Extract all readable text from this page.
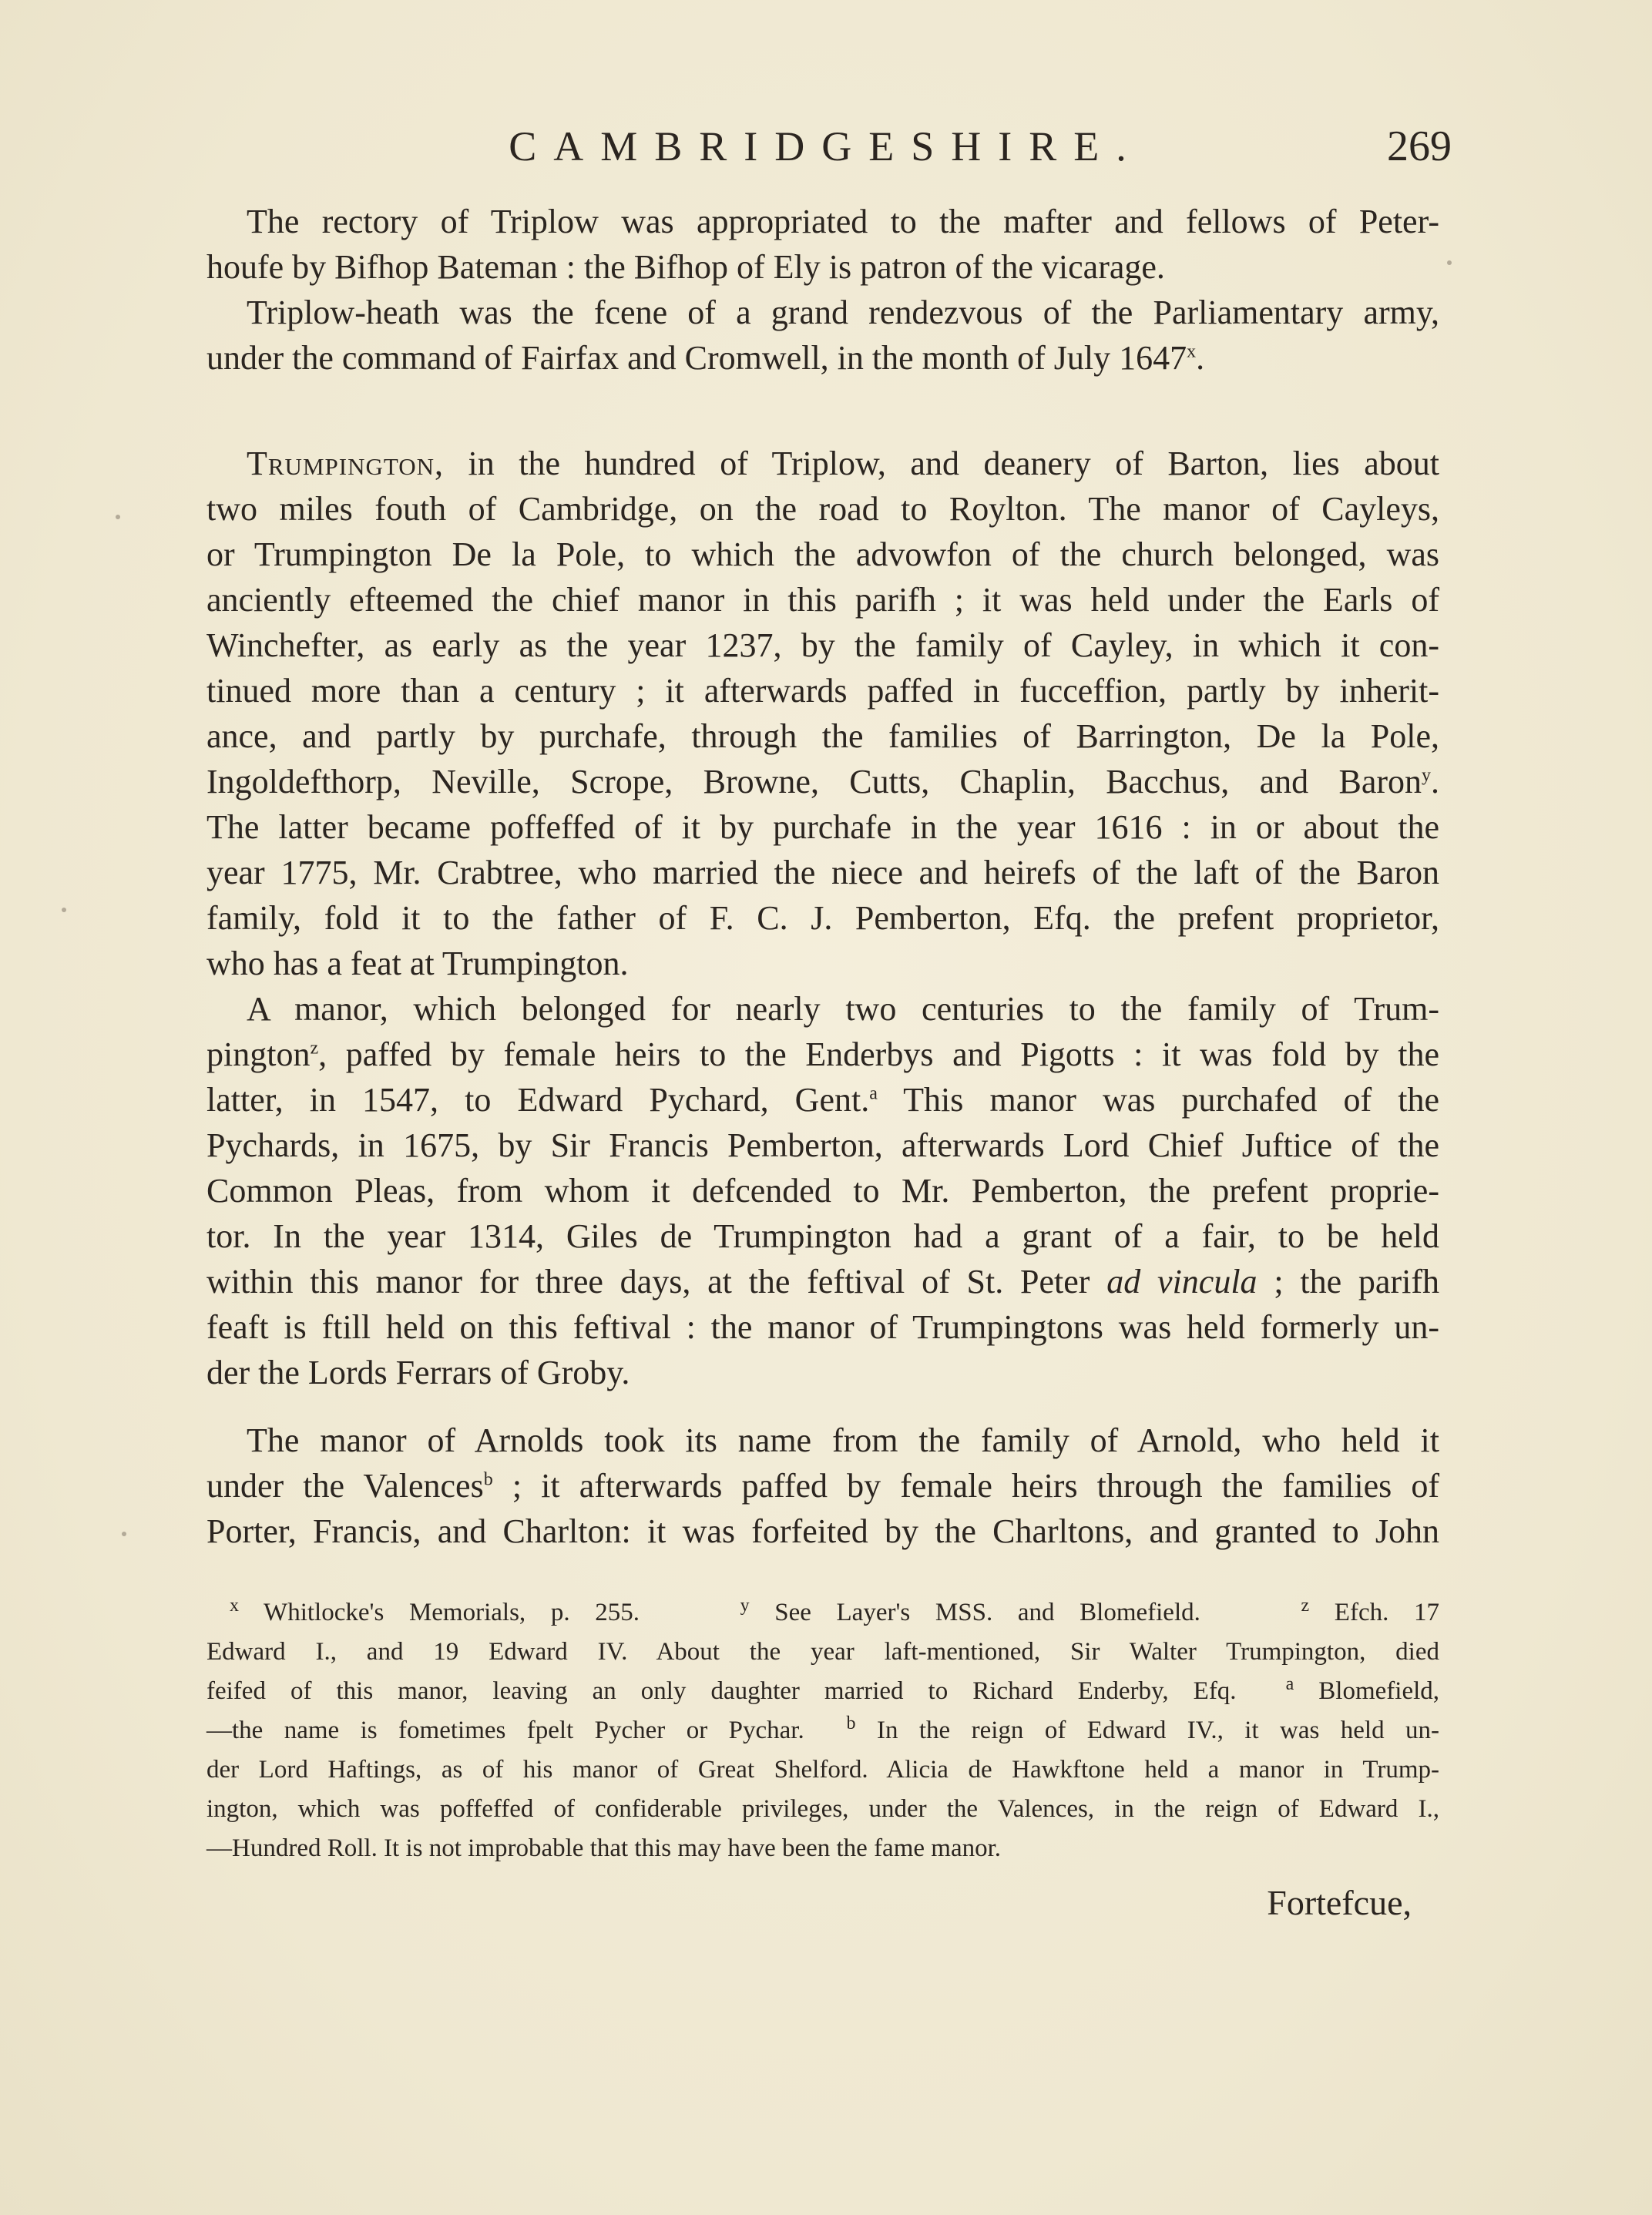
CAMBRIDGESHIRE.	269
The rectory of Triplow was appropriated to the mafter and fellows of Peter-
houfe by Bifhop Bateman : the Bifhop of Ely is patron of the vicarage.
Triplow-heath was the fcene of a grand rendezvous of the Parliamentary army,
under the command of Fairfax and Cromwell, in the month of July 1647$^x$.
Trumpington, in the hundred of Triplow, and deanery of Barton, lies about
two miles fouth of Cambridge, on the road to Roylton. The manor of Cayleys,
or Trumpington De la Pole, to which the advowfon of the church belonged, was
anciently efteemed the chief manor in this parifh ; it was held under the Earls of
Winchefter, as early as the year 1237, by the family of Cayley, in which it con-
tinued more than a century ; it afterwards paffed in fucceffion, partly by inherit-
ance, and partly by purchafe, through the families of Barrington, De la Pole,
Ingoldefthorp, Neville, Scrope, Browne, Cutts, Chaplin, Bacchus, and Baron$^y$.
The latter became poffeffed of it by purchafe in the year 1616 : in or about the
year 1775, Mr. Crabtree, who married the niece and heirefs of the laft of the Baron
family, fold it to the father of F. C. J. Pemberton, Efq. the prefent proprietor,
who has a feat at Trumpington.
A manor, which belonged for nearly two centuries to the family of Trum-
pington$^z$, paffed by female heirs to the Enderbys and Pigotts : it was fold by the
latter, in 1547, to Edward Pychard, Gent.$^a$ This manor was purchafed of the
Pychards, in 1675, by Sir Francis Pemberton, afterwards Lord Chief Juftice of the
Common Pleas, from whom it defcended to Mr. Pemberton, the prefent proprie-
tor. In the year 1314, Giles de Trumpington had a grant of a fair, to be held
within this manor for three days, at the feftival of St. Peter ad vincula ; the parifh
feaft is ftill held on this feftival : the manor of Trumpingtons was held formerly un-
der the Lords Ferrars of Groby.
The manor of Arnolds took its name from the family of Arnold, who held it
under the Valences$^b$ ; it afterwards paffed by female heirs through the families of
Porter, Francis, and Charlton: it was forfeited by the Charltons, and granted to John
$^x$ Whitlocke's Memorials, p. 255.	$^y$ See Layer's MSS. and Blomefield.	$^z$ Efch. 17
Edward I., and 19 Edward IV. About the year laft-mentioned, Sir Walter Trumpington, died
feifed of this manor, leaving an only daughter married to Richard Enderby, Efq.	$^a$ Blomefield,
—the name is fometimes fpelt Pycher or Pychar. $^b$ In the reign of Edward IV., it was held un-
der Lord Haftings, as of his manor of Great Shelford. Alicia de Hawkftone held a manor in Trump-
ington, which was poffeffed of confiderable privileges, under the Valences, in the reign of Edward I.,
—Hundred Roll. It is not improbable that this may have been the fame manor.
Fortefcue,
